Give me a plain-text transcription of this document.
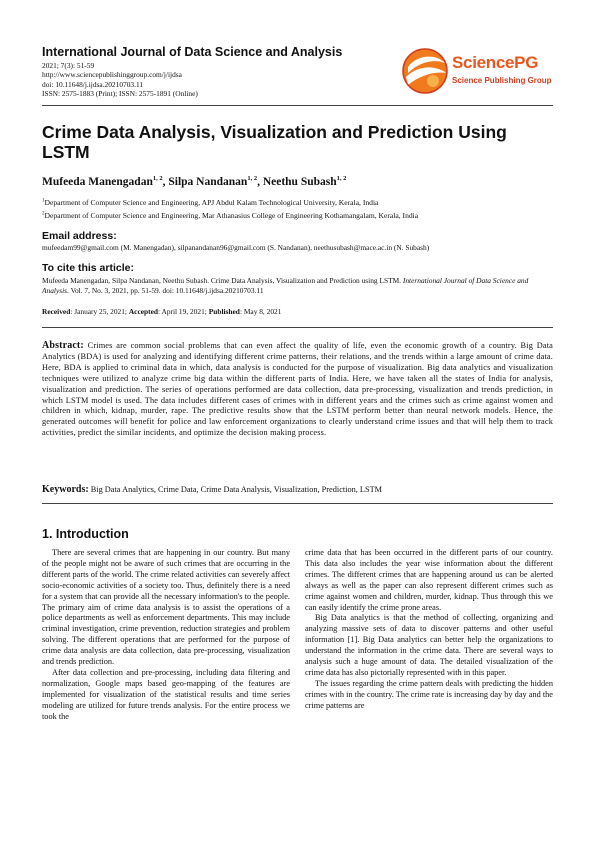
International Journal of Data Science and Analysis
2021; 7(3): 51-59
http://www.sciencepublishinggroup.com/j/ijdsa
doi: 10.11648/j.ijdsa.20210703.11
ISSN: 2575-1883 (Print); ISSN: 2575-1891 (Online)
SciencePG
Science Publishing Group
Crime Data Analysis, Visualization and Prediction Using LSTM
Mufeeda Manengadan$^{1, 2}$, Silpa Nandanan$^{1, 2}$, Neethu Subash$^{1, 2}$
$^1$Department of Computer Science and Engineering, APJ Abdul Kalam Technological University, Kerala, India
$^2$Department of Computer Science and Engineering, Mar Athanasius College of Engineering Kothamangalam, Kerala, India
Email address:
mufeedam99@gmail.com (M. Manengadan), silpanandanan96@gmail.com (S. Nandanan), neethusubash@mace.ac.in (N. Subash)
To cite this article:
Mufeeda Manengadan, Silpa Nandanan, Neethu Subash. Crime Data Analysis, Visualization and Prediction using LSTM. International Journal of Data Science and Analysis. Vol. 7, No. 3, 2021, pp. 51-59. doi: 10.11648/j.ijdsa.20210703.11
Received: January 25, 2021; Accepted: April 19, 2021; Published: May 8, 2021
Abstract: Crimes are common social problems that can even affect the quality of life, even the economic growth of a country. Big Data Analytics (BDA) is used for analyzing and identifying different crime patterns, their relations, and the trends within a large amount of crime data. Here, BDA is applied to criminal data in which, data analysis is conducted for the purpose of visualization. Big data analytics and visualization techniques were utilized to analyze crime big data within the different parts of India. Here, we have taken all the states of India for analysis, visualization and prediction. The series of operations performed are data collection, data pre-processing, visualization and trends prediction, in which LSTM model is used. The data includes different cases of crimes with in different years and the crimes such as crime against women and children in which, kidnap, murder, rape. The predictive results show that the LSTM perform better than neural network models. Hence, the generated outcomes will benefit for police and law enforcement organizations to clearly understand crime issues and that will help them to track activities, predict the similar incidents, and optimize the decision making process.
Keywords: Big Data Analytics, Crime Data, Crime Data Analysis, Visualization, Prediction, LSTM
1. Introduction

There are several crimes that are happening in our country. But many of the people might not be aware of such crimes that are occurring in the different parts of the world. The crime related activities can severely affect socio-economic activities of a society too. Thus, definitely there is a need for a system that can provide all the necessary information's to the people. The primary aim of crime data analysis is to assist the operations of a police departments as well as enforcement departments. This may include criminal investigation, crime prevention, reduction strategies and problem solving. The different operations that are performed for the purpose of crime data analysis are data collection, data pre-processing, visualization and trends prediction.

After data collection and pre-processing, including data filtering and normalization, Google maps based geo-mapping of the features are implemented for visualization of the statistical results and time series modeling are utilized for future trends analysis. For the entire process we took the

crime data that has been occurred in the different parts of our country. This data also includes the year wise information about the different crimes. The different crimes that are happening around us can be alerted always as well as the paper can also represent different crimes such as crime against women and children, murder, kidnap. Thus through this we can easily identify the crime prone areas.

Big Data analytics is that the method of collecting, organizing and analyzing massive sets of data to discover patterns and other useful information [1]. Big Data analytics can better help the organizations to understand the information in the crime data. There are several ways to analysis such a huge amount of data. The detailed visualization of the crime data has also pictorially represented with in this paper.

The issues regarding the crime pattern deals with predicting the hidden crimes with in the country. The crime rate is increasing day by day and the crime patterns are
